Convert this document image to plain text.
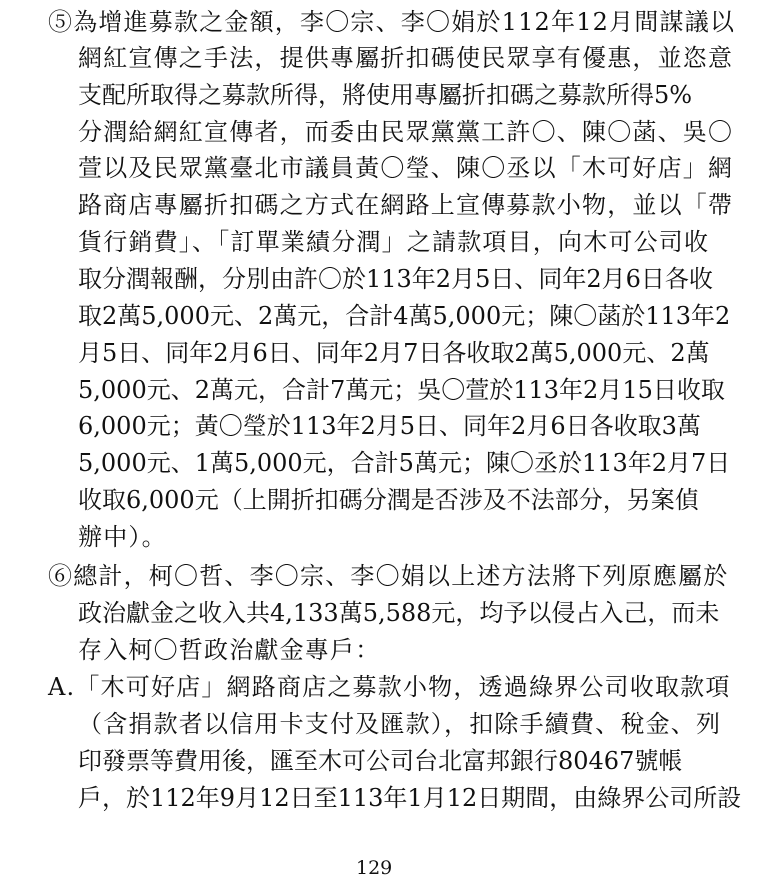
⑤為增進募款之金額，李〇宗、李〇娟於112年12月間謀議以
網紅宣傳之手法，提供專屬折扣碼使民眾享有優惠，並恣意
支配所取得之募款所得，將使用專屬折扣碼之募款所得5%
分潤給網紅宣傳者，而委由民眾黨黨工許〇、陳〇菡、吳〇
萱以及民眾黨臺北市議員黃〇瑩、陳〇丞以「木可好店」網
路商店專屬折扣碼之方式在網路上宣傳募款小物，並以「帶
貨行銷費」、「訂單業績分潤」之請款項目，向木可公司收
取分潤報酬，分別由許〇於113年2月5日、同年2月6日各收
取2萬5,000元、2萬元，合計4萬5,000元；陳〇菡於113年2
月5日、同年2月6日、同年2月7日各收取2萬5,000元、2萬
5,000元、2萬元，合計7萬元；吳〇萱於113年2月15日收取
6,000元；黃〇瑩於113年2月5日、同年2月6日各收取3萬
5,000元、1萬5,000元，合計5萬元；陳〇丞於113年2月7日
收取6,000元（上開折扣碼分潤是否涉及不法部分，另案偵
辦中）。
⑥總計，柯〇哲、李〇宗、李〇娟以上述方法將下列原應屬於
政治獻金之收入共4,133萬5,588元，均予以侵占入己，而未
存入柯〇哲政治獻金專戶：
A.「木可好店」網路商店之募款小物，透過綠界公司收取款項
（含捐款者以信用卡支付及匯款），扣除手續費、稅金、列
印發票等費用後，匯至木可公司台北富邦銀行80467號帳
戶，於112年9月12日至113年1月12日期間，由綠界公司所設
129
